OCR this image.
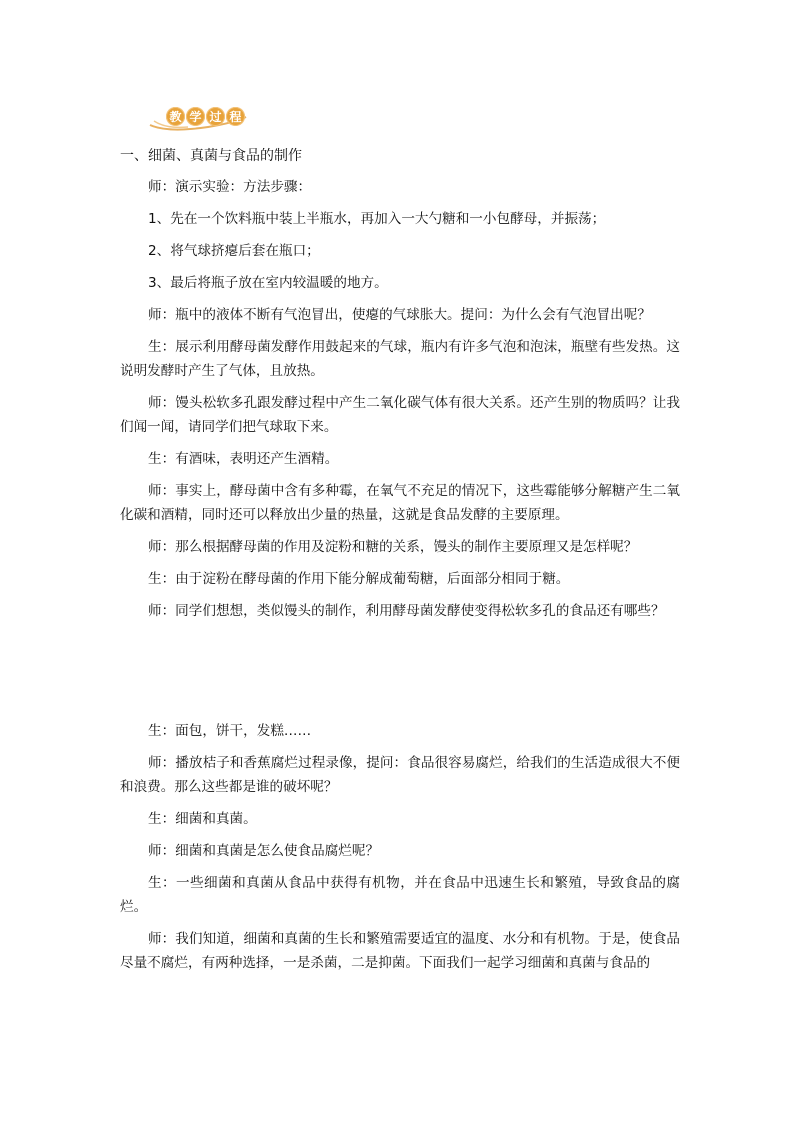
教 学 过 程
一、细菌、真菌与食品的制作

师：演示实验：方法步骤：

1、先在一个饮料瓶中装上半瓶水，再加入一大勺糖和一小包酵母，并振荡；

2、将气球挤瘪后套在瓶口；

3、最后将瓶子放在室内较温暖的地方。

师：瓶中的液体不断有气泡冒出，使瘪的气球胀大。提问：为什么会有气泡冒出呢？

生：展示利用酵母菌发酵作用鼓起来的气球，瓶内有许多气泡和泡沫，瓶壁有些发热。这说明发酵时产生了气体，且放热。

师：馒头松软多孔跟发酵过程中产生二氧化碳气体有很大关系。还产生别的物质吗？让我们闻一闻，请同学们把气球取下来。

生：有酒味，表明还产生酒精。

师：事实上，酵母菌中含有多种霉，在氧气不充足的情况下，这些霉能够分解糖产生二氧化碳和酒精，同时还可以释放出少量的热量，这就是食品发酵的主要原理。

师：那么根据酵母菌的作用及淀粉和糖的关系，馒头的制作主要原理又是怎样呢？

生：由于淀粉在酵母菌的作用下能分解成葡萄糖，后面部分相同于糖。

师：同学们想想，类似馒头的制作，利用酵母菌发酵使变得松软多孔的食品还有哪些？

生：面包，饼干，发糕……

师：播放桔子和香蕉腐烂过程录像，提问：食品很容易腐烂，给我们的生活造成很大不便和浪费。那么这些都是谁的破坏呢？

生：细菌和真菌。

师：细菌和真菌是怎么使食品腐烂呢？

生：一些细菌和真菌从食品中获得有机物，并在食品中迅速生长和繁殖，导致食品的腐烂。

师：我们知道，细菌和真菌的生长和繁殖需要适宜的温度、水分和有机物。于是，使食品尽量不腐烂，有两种选择，一是杀菌，二是抑菌。下面我们一起学习细菌和真菌与食品的
